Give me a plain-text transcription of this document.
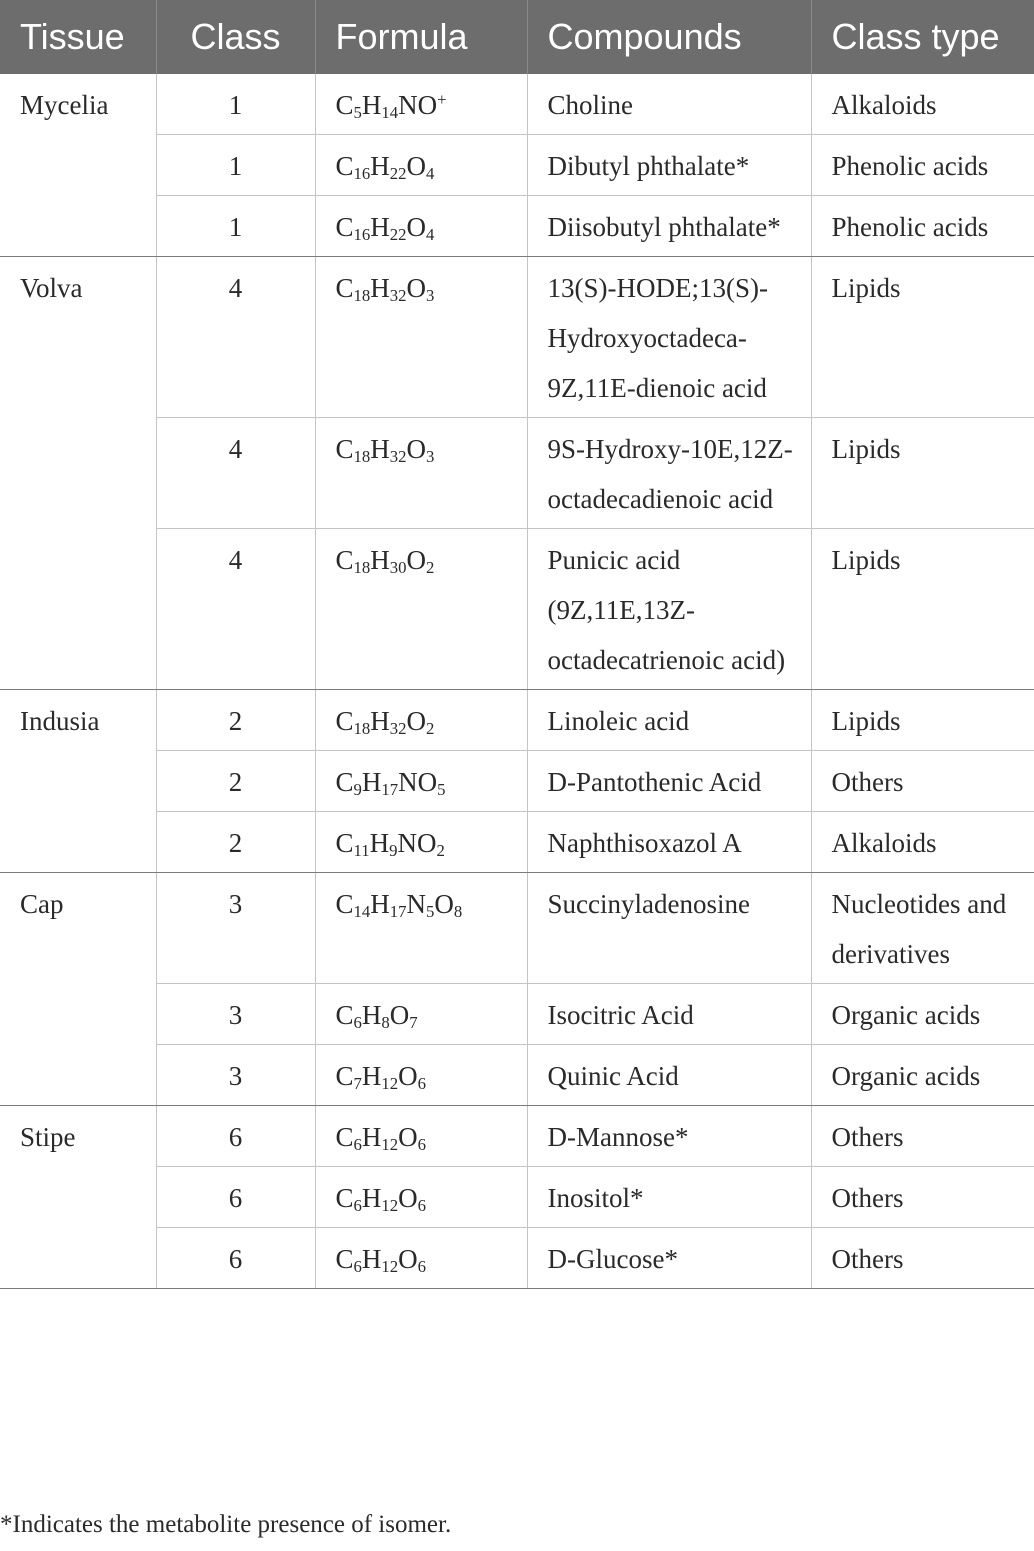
Tissue	Class	Formula	Compounds	Class type
Mycelia	1	$C_5H_{14}NO^+$	Choline	Alkaloids
	1	$C_{16}H_{22}O_4$	Dibutyl phthalate*	Phenolic acids
	1	$C_{16}H_{22}O_4$	Diisobutyl phthalate*	Phenolic acids
Volva	4	$C_{18}H_{32}O_3$	13(S)-HODE;13(S)-Hydroxyoctadeca-9Z,11E-dienoic acid	Lipids
	4	$C_{18}H_{32}O_3$	9S-Hydroxy-10E,12Z-octadecadienoic acid	Lipids
	4	$C_{18}H_{30}O_2$	Punicic acid (9Z,11E,13Z-octadecatrienoic acid)	Lipids
Indusia	2	$C_{18}H_{32}O_2$	Linoleic acid	Lipids
	2	$C_9H_{17}NO_5$	D-Pantothenic Acid	Others
	2	$C_{11}H_9NO_2$	Naphthisoxazol A	Alkaloids
Cap	3	$C_{14}H_{17}N_5O_8$	Succinyladenosine	Nucleotides and derivatives
	3	$C_6H_8O_7$	Isocitric Acid	Organic acids
	3	$C_7H_{12}O_6$	Quinic Acid	Organic acids
Stipe	6	$C_6H_{12}O_6$	D-Mannose*	Others
	6	$C_6H_{12}O_6$	Inositol*	Others
	6	$C_6H_{12}O_6$	D-Glucose*	Others
*Indicates the metabolite presence of isomer.
